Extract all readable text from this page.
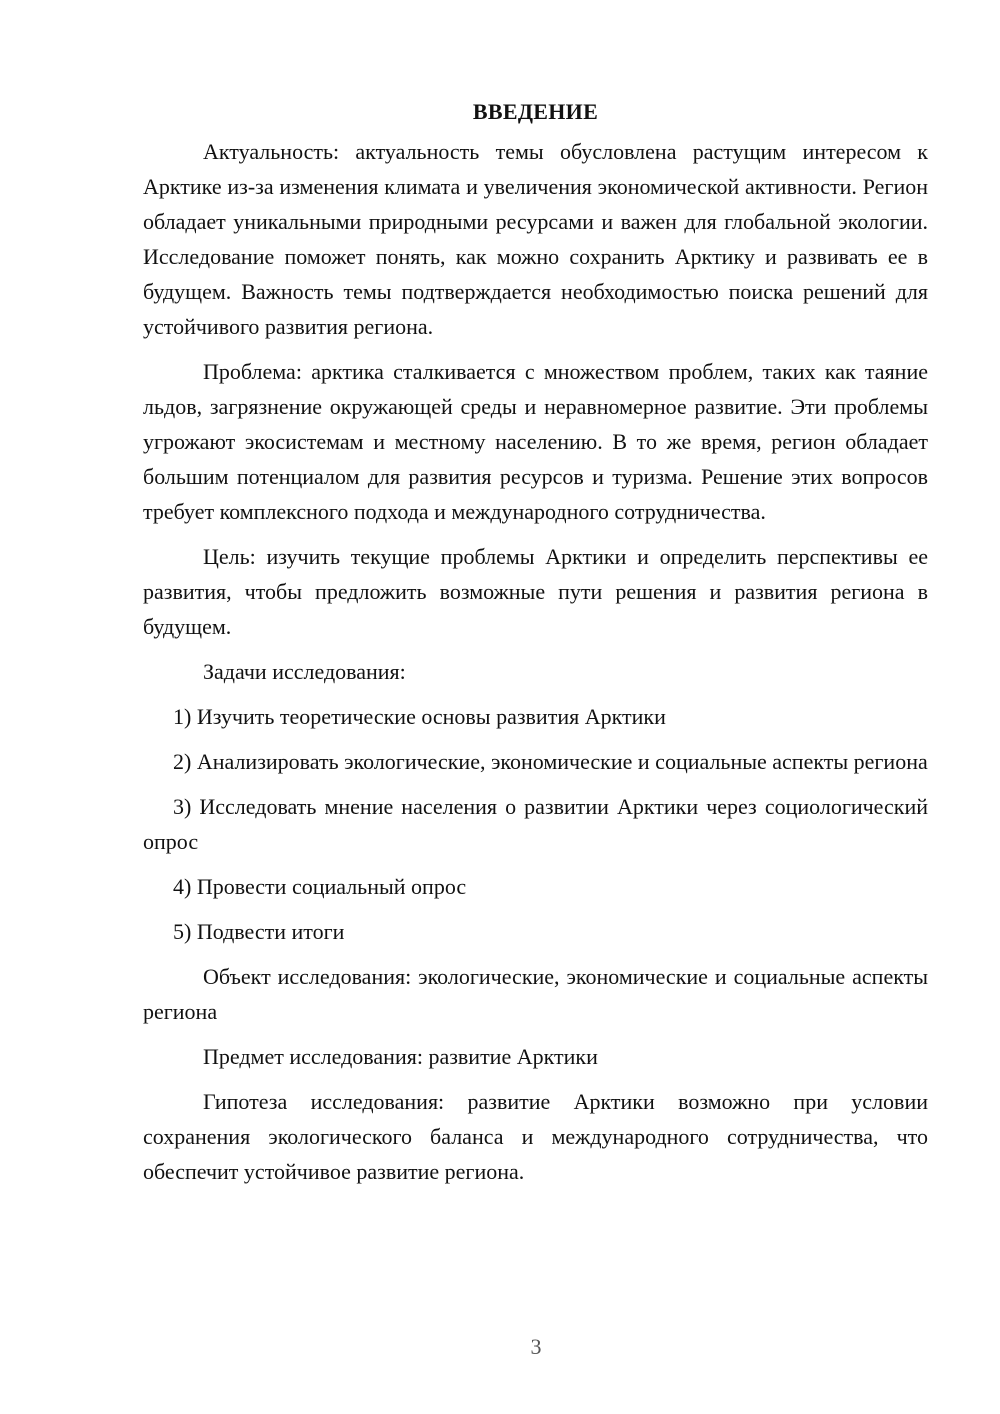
ВВЕДЕНИЕ

Актуальность: актуальность темы обусловлена растущим интересом к Арктике из-за изменения климата и увеличения экономической активности. Регион обладает уникальными природными ресурсами и важен для глобальной экологии. Исследование поможет понять, как можно сохранить Арктику и развивать ее в будущем. Важность темы подтверждается необходимостью поиска решений для устойчивого развития региона.

Проблема: арктика сталкивается с множеством проблем, таких как таяние льдов, загрязнение окружающей среды и неравномерное развитие. Эти проблемы угрожают экосистемам и местному населению. В то же время, регион обладает большим потенциалом для развития ресурсов и туризма. Решение этих вопросов требует комплексного подхода и международного сотрудничества.

Цель: изучить текущие проблемы Арктики и определить перспективы ее развития, чтобы предложить возможные пути решения и развития региона в будущем.

Задачи исследования:

1) Изучить теоретические основы развития Арктики

2) Анализировать экологические, экономические и социальные аспекты региона

3) Исследовать мнение населения о развитии Арктики через социологический опрос

4) Провести социальный опрос

5) Подвести итоги

Объект исследования: экологические, экономические и социальные аспекты региона

Предмет исследования: развитие Арктики

Гипотеза исследования: развитие Арктики возможно при условии сохранения экологического баланса и международного сотрудничества, что обеспечит устойчивое развитие региона.

3
